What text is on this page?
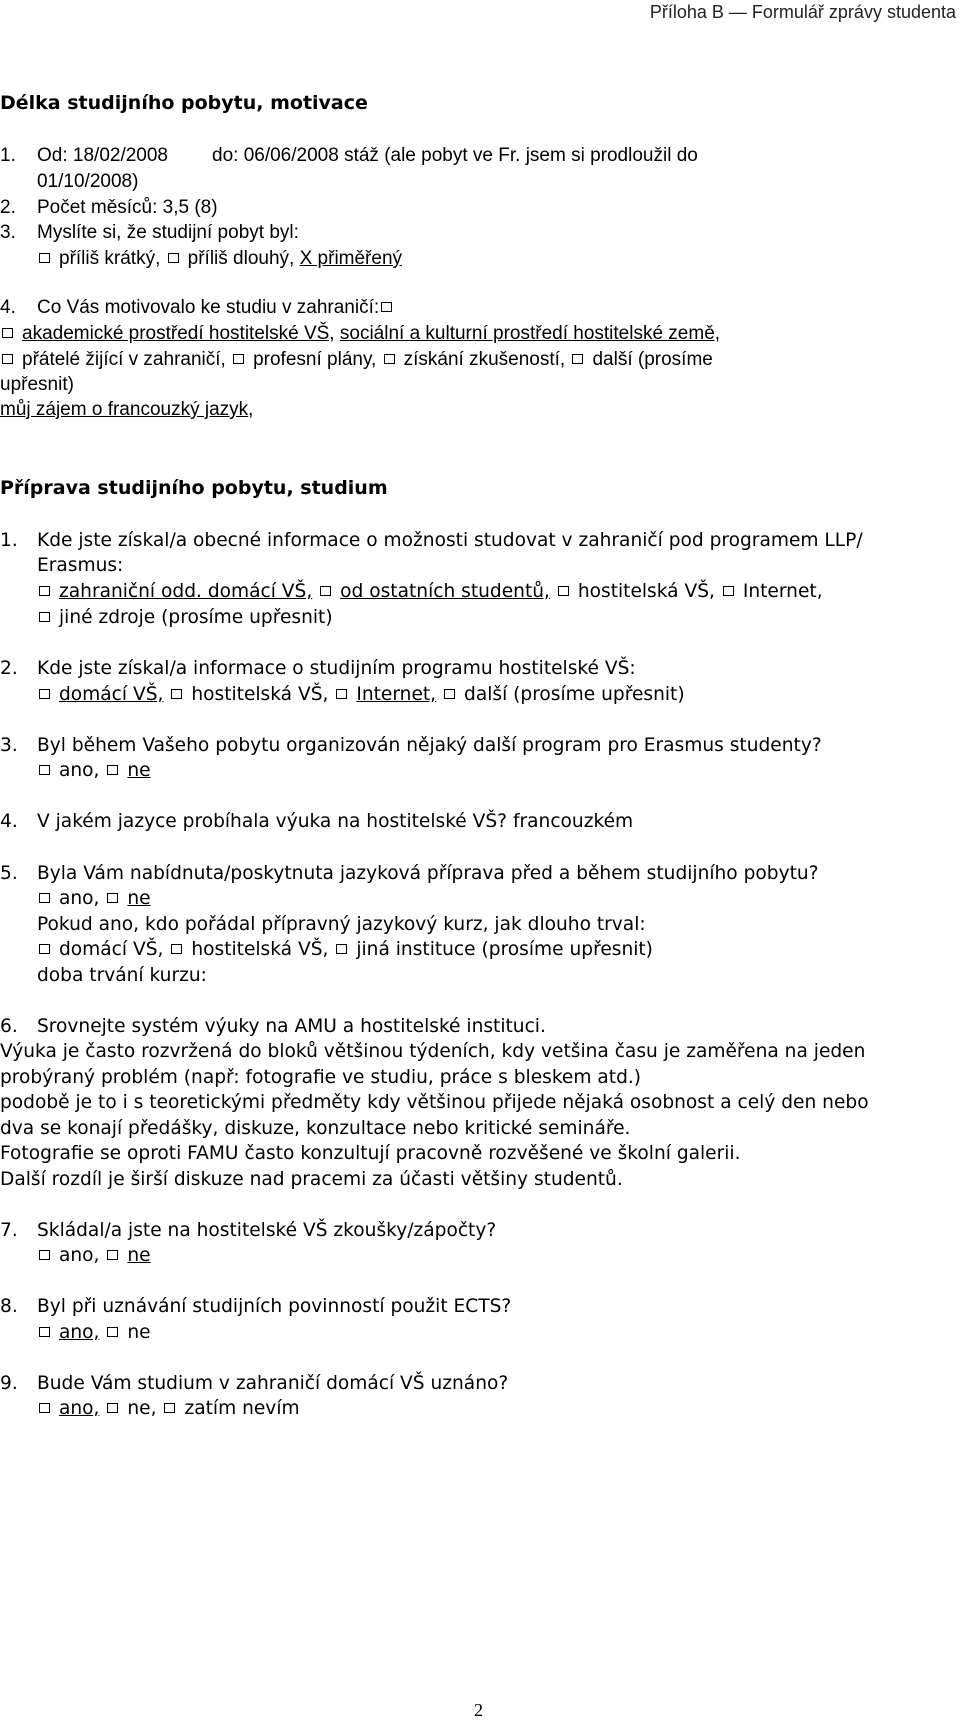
Příloha B — Formulář zprávy studenta
Délka studijního pobytu, motivace
1. Od: 18/02/2008 do: 06/06/2008 stáž (ale pobyt ve Fr. jsem si prodloužil do
01/10/2008)
2. Počet měsíců: 3,5 (8)
3. Myslíte si, že studijní pobyt byl:
příliš krátký, příliš dlouhý, X přiměřený
4. Co Vás motivovalo ke studiu v zahraničí:
akademické prostředí hostitelské VŠ, sociální a kulturní prostředí hostitelské země,
přátelé žijící v zahraničí, profesní plány, získání zkušeností, další (prosíme
upřesnit)
můj zájem o francouzký jazyk,
Příprava studijního pobytu, studium
1. Kde jste získal/a obecné informace o možnosti studovat v zahraničí pod programem LLP/
Erasmus:
zahraniční odd. domácí VŠ, od ostatních studentů, hostitelská VŠ, Internet,
jiné zdroje (prosíme upřesnit)
2. Kde jste získal/a informace o studijním programu hostitelské VŠ:
domácí VŠ, hostitelská VŠ, Internet, další (prosíme upřesnit)
3. Byl během Vašeho pobytu organizován nějaký další program pro Erasmus studenty?
ano, ne
4. V jakém jazyce probíhala výuka na hostitelské VŠ? francouzkém
5. Byla Vám nabídnuta/poskytnuta jazyková příprava před a během studijního pobytu?
ano, ne
Pokud ano, kdo pořádal přípravný jazykový kurz, jak dlouho trval:
domácí VŠ, hostitelská VŠ, jiná instituce (prosíme upřesnit)
doba trvání kurzu:
6. Srovnejte systém výuky na AMU a hostitelské instituci.
Výuka je často rozvržená do bloků většinou týdeních, kdy vetšina času je zaměřena na jeden
probýraný problém (např: fotografie ve studiu, práce s bleskem atd.)
podobě je to i s teoretickými předměty kdy většinou přijede nějaká osobnost a celý den nebo
dva se konají předášky, diskuze, konzultace nebo kritické semináře.
Fotografie se oproti FAMU často konzultují pracovně rozvěšené ve školní galerii.
Další rozdíl je širší diskuze nad pracemi za účasti většiny studentů.
7. Skládal/a jste na hostitelské VŠ zkoušky/zápočty?
ano, ne
8. Byl při uznávání studijních povinností použit ECTS?
ano, ne
9. Bude Vám studium v zahraničí domácí VŠ uznáno?
ano, ne, zatím nevím
2
